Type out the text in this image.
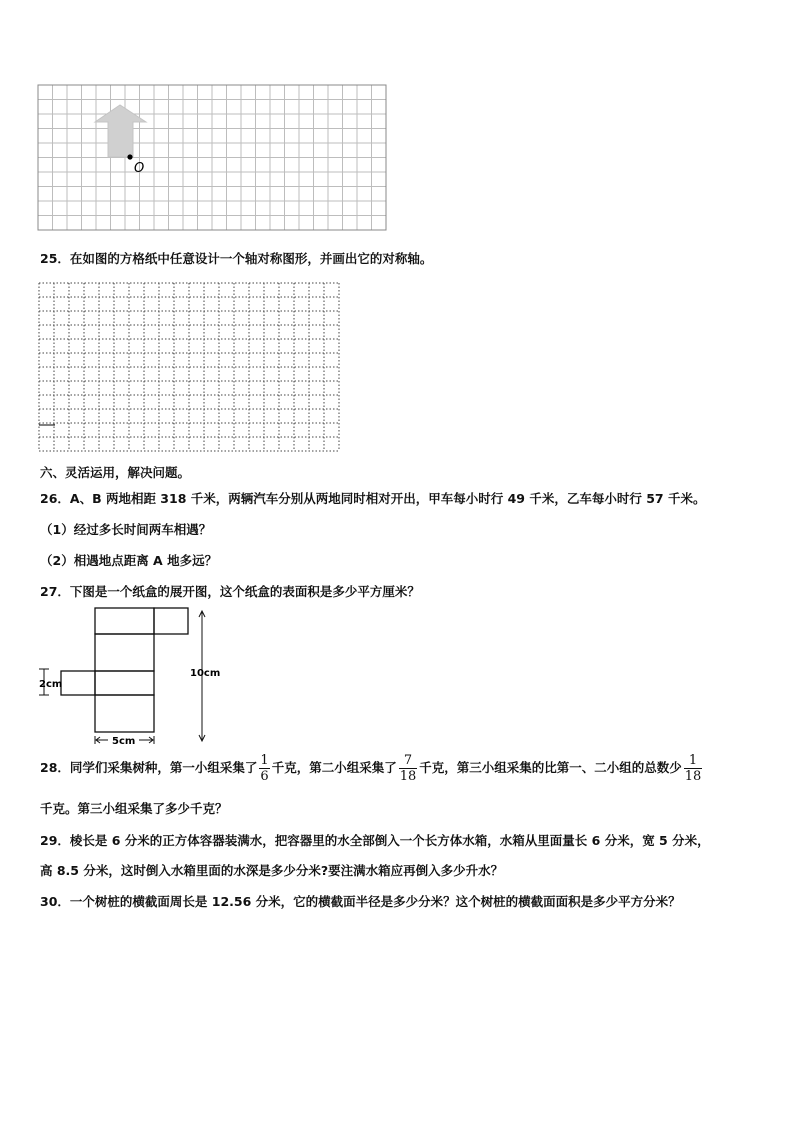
O
25．在如图的方格纸中任意设计一个轴对称图形，并画出它的对称轴。
六、灵活运用，解决问题。
26．A、B 两地相距 318 千米，两辆汽车分别从两地同时相对开出，甲车每小时行 49 千米，乙车每小时行 57 千米。
（1）经过多长时间两车相遇？
（2）相遇地点距离 A 地多远？
27．下图是一个纸盒的展开图，这个纸盒的表面积是多少平方厘米？
10cm
2cm
5cm
28．同学们采集树种，第一小组采集了 $\frac{1}{6}$ 千克，第二小组采集了 $\frac{7}{18}$ 千克，第三小组采集的比第一、二小组的总数少 $\frac{1}{18}$
千克。第三小组采集了多少千克？
29．棱长是 6 分米的正方体容器装满水，把容器里的水全部倒入一个长方体水箱，水箱从里面量长 6 分米，宽 5 分米，
高 8.5 分米，这时倒入水箱里面的水深是多少分米?要注满水箱应再倒入多少升水？
30．一个树桩的横截面周长是 12.56 分米，它的横截面半径是多少分米？这个树桩的横截面面积是多少平方分米？
